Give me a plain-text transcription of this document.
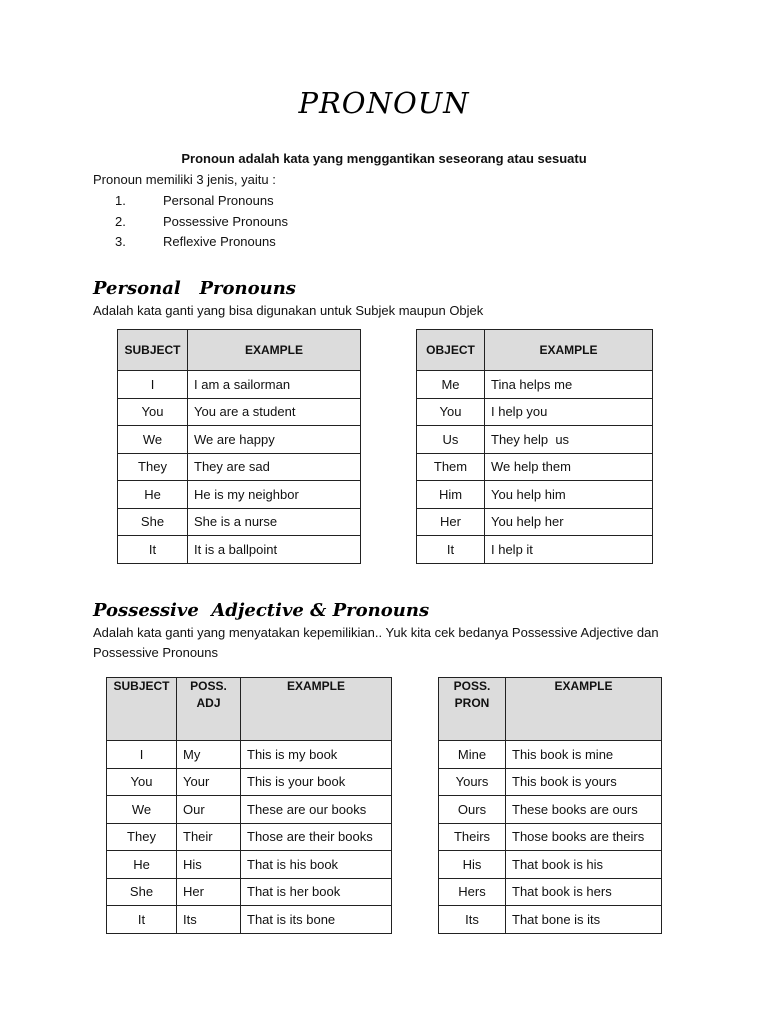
PRONOUN
Pronoun adalah kata yang menggantikan seseorang atau sesuatu
Pronoun memiliki 3 jenis, yaitu :
1.	Personal Pronouns
2.	Possessive Pronouns
3.	Reflexive Pronouns
Personal   Pronouns
Adalah kata ganti yang bisa digunakan untuk Subjek maupun Objek
SUBJECT	EXAMPLE
I	I am a sailorman
You	You are a student
We	We are happy
They	They are sad
He	He is my neighbor
She	She is a nurse
It	It is a ballpoint
OBJECT	EXAMPLE
Me	Tina helps me
You	I help you
Us	They help  us
Them	We help them
Him	You help him
Her	You help her
It	I help it
Possessive  Adjective & Pronouns
Adalah kata ganti yang menyatakan kepemilikian.. Yuk kita cek bedanya Possessive Adjective dan Possessive Pronouns
SUBJECT	POSS. ADJ	EXAMPLE
I	My	This is my book
You	Your	This is your book
We	Our	These are our books
They	Their	Those are their books
He	His	That is his book
She	Her	That is her book
It	Its	That is its bone
POSS. PRON	EXAMPLE
Mine	This book is mine
Yours	This book is yours
Ours	These books are ours
Theirs	Those books are theirs
His	That book is his
Hers	That book is hers
Its	That bone is its
